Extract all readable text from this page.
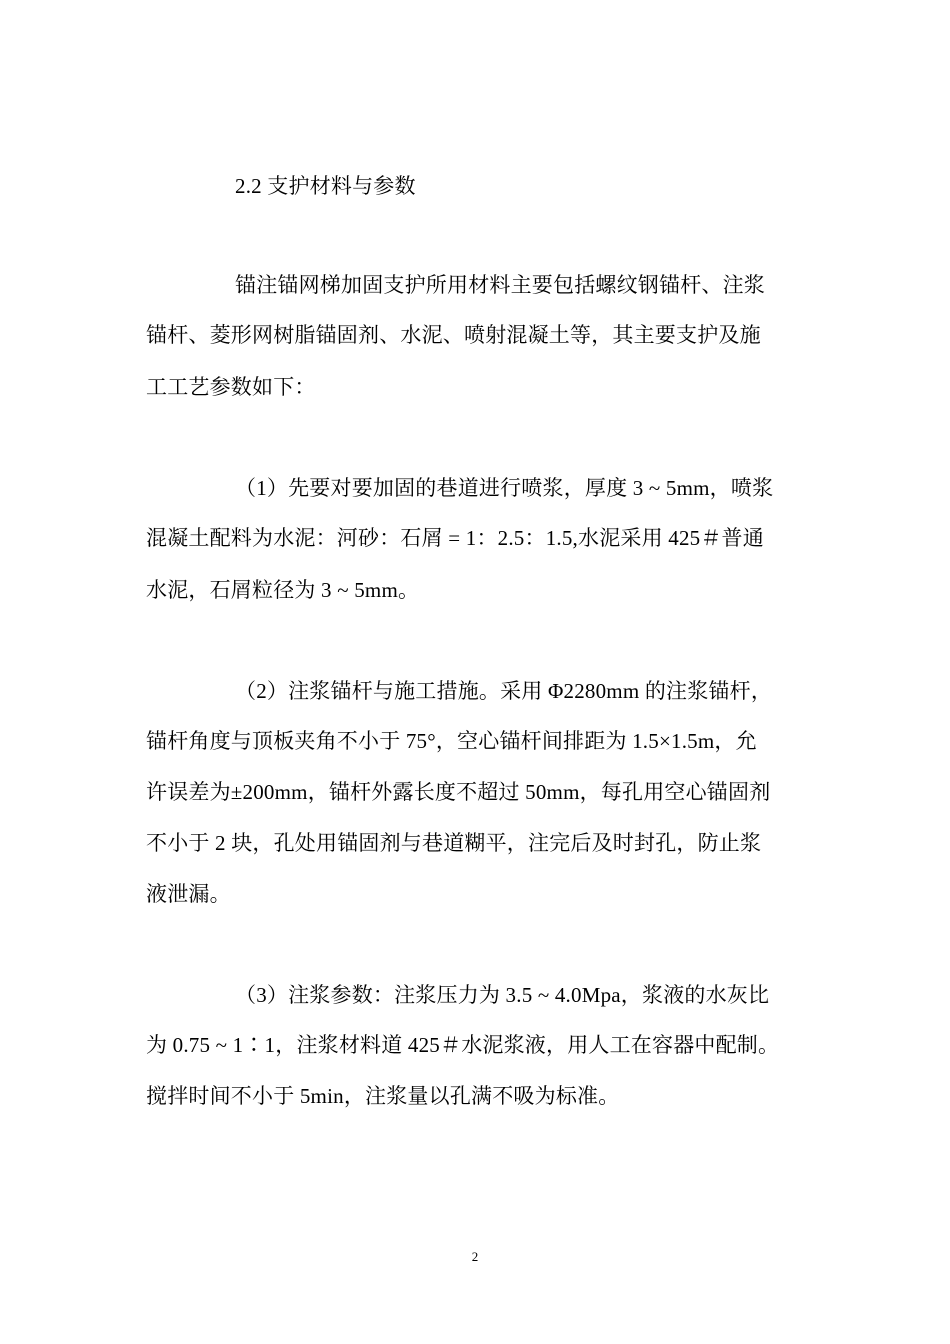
2.2 支护材料与参数
锚注锚网梯加固支护所用材料主要包括螺纹钢锚杆、注浆
锚杆、菱形网树脂锚固剂、水泥、喷射混凝土等，其主要支护及施
工工艺参数如下：
（1）先要对要加固的巷道进行喷浆，厚度 3 ~ 5mm，喷浆
混凝土配料为水泥：河砂：石屑 = 1：2.5：1.5,水泥采用 425＃普通
水泥，石屑粒径为 3 ~ 5mm。
（2）注浆锚杆与施工措施。采用 Φ2280mm 的注浆锚杆，
锚杆角度与顶板夹角不小于 75°，空心锚杆间排距为 1.5×1.5m，允
许误差为±200mm，锚杆外露长度不超过 50mm，每孔用空心锚固剂
不小于 2 块，孔处用锚固剂与巷道糊平，注完后及时封孔，防止浆
液泄漏。
（3）注浆参数：注浆压力为 3.5 ~ 4.0Mpa，浆液的水灰比
为 0.75 ~ 1∶1，注浆材料道 425＃水泥浆液，用人工在容器中配制。
搅拌时间不小于 5min，注浆量以孔满不吸为标准。
2
